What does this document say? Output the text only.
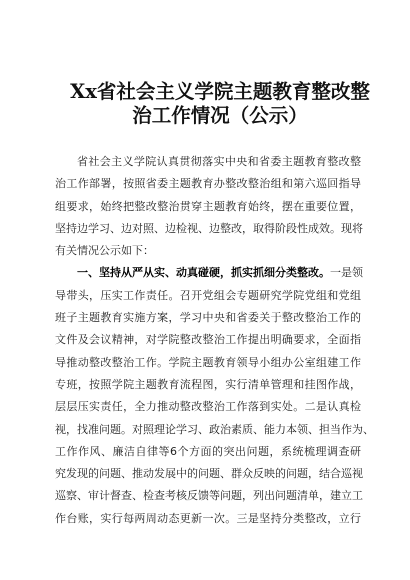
Xx省社会主义学院主题教育整改整
治工作情况（公示）
省社会主义学院认真贯彻落实中央和省委主题教育整改整
治工作部署，按照省委主题教育办整改整治组和第六巡回指导
组要求，始终把整改整治贯穿主题教育始终，摆在重要位置，
坚持边学习、边对照、边检视、边整改，取得阶段性成效。现将
有关情况公示如下：
一、坚持从严从实、动真碰硬，抓实抓细分类整改。一是领
导带头，压实工作责任。召开党组会专题研究学院党组和党组
班子主题教育实施方案，学习中央和省委关于整改整治工作的
文件及会议精神，对学院整改整治工作提出明确要求，全面指
导推动整改整治工作。学院主题教育领导小组办公室组建工作
专班，按照学院主题教育流程图，实行清单管理和挂图作战，
层层压实责任，全力推动整改整治工作落到实处。二是认真检
视，找准问题。对照理论学习、政治素质、能力本领、担当作为、
工作作风、廉洁自律等6个方面的突出问题，系统梳理调查研
究发现的问题、推动发展中的问题、群众反映的问题，结合巡视
巡察、审计督查、检查考核反馈等问题，列出问题清单，建立工
作台账，实行每两周动态更新一次。三是坚持分类整改，立行
